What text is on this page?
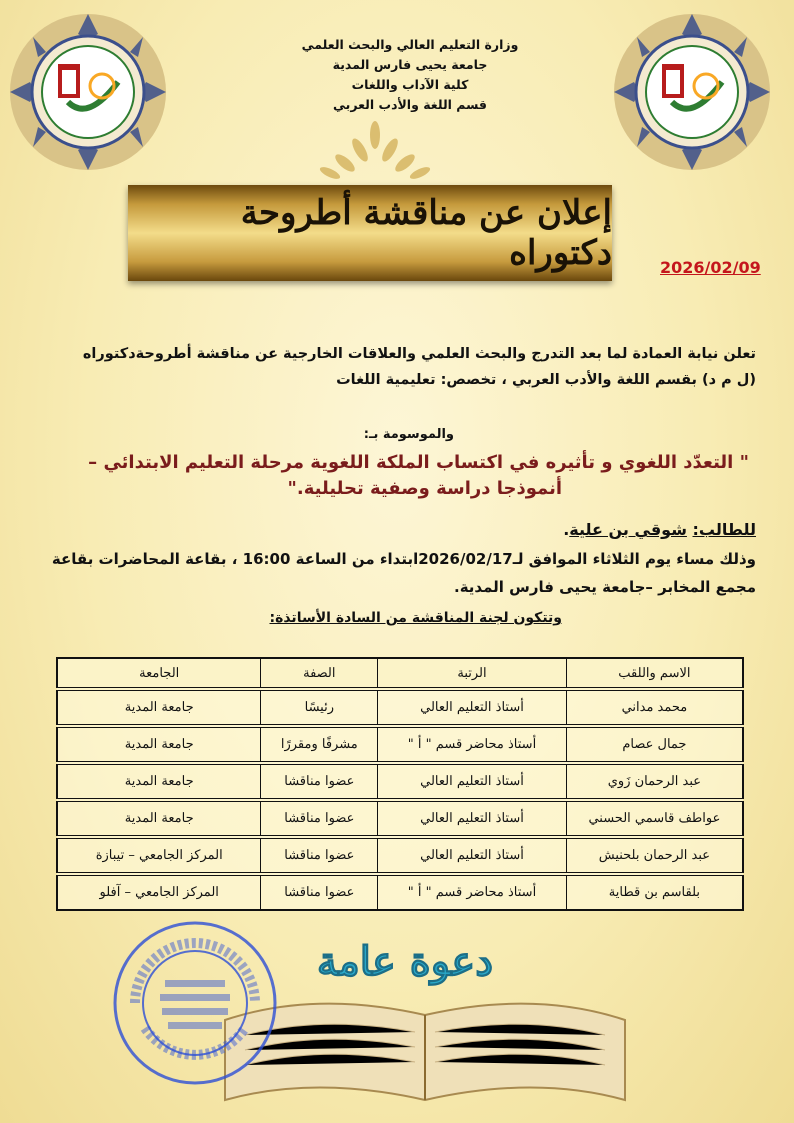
وزارة التعليم العالي والبحث العلمي
جامعة يحيى فارس المدية
كلية الآداب واللغات
قسم اللغة والأدب العربي
إعلان عن مناقشة أطروحة دكتوراه	2026/02/09
تعلن نيابة العمادة لما بعد التدرج والبحث العلمي والعلاقات الخارجية عن مناقشة أطروحةدكتوراه
(ل م د) بقسم اللغة والأدب العربي ، تخصص: تعليمية اللغات
والموسومة بـ:
" التعدّد اللغوي و تأثيره في اكتساب الملكة اللغوية مرحلة التعليم الابتدائي –
أنموذجا دراسة وصفية تحليلية."
للطالب: شوقي بن علية.
وذلك مساء يوم الثلاثاء الموافق لـ2026/02/17ابتداء من الساعة 16:00 ، بقاعة المحاضرات بقاعة
مجمع المخابر –جامعة يحيى فارس المدية.
وتتكون لجنة المناقشة من السادة الأساتذة:
الاسم واللقب	الرتبة	الصفة	الجامعة
محمد مداني	أستاذ التعليم العالي	رئيسًا	جامعة المدية
جمال عصام	أستاذ محاضر قسم " أ "	مشرفًا ومقررًا	جامعة المدية
عبد الرحمان زَوي	أستاذ التعليم العالي	عضوا مناقشا	جامعة المدية
عواطف قاسمي الحسني	أستاذ التعليم العالي	عضوا مناقشا	جامعة المدية
عبد الرحمان بلحنيش	أستاذ التعليم العالي	عضوا مناقشا	المركز الجامعي – تيبازة
بلقاسم بن قطاية	أستاذ محاضر قسم " أ "	عضوا مناقشا	المركز الجامعي – آفلو
دعوة عامة
